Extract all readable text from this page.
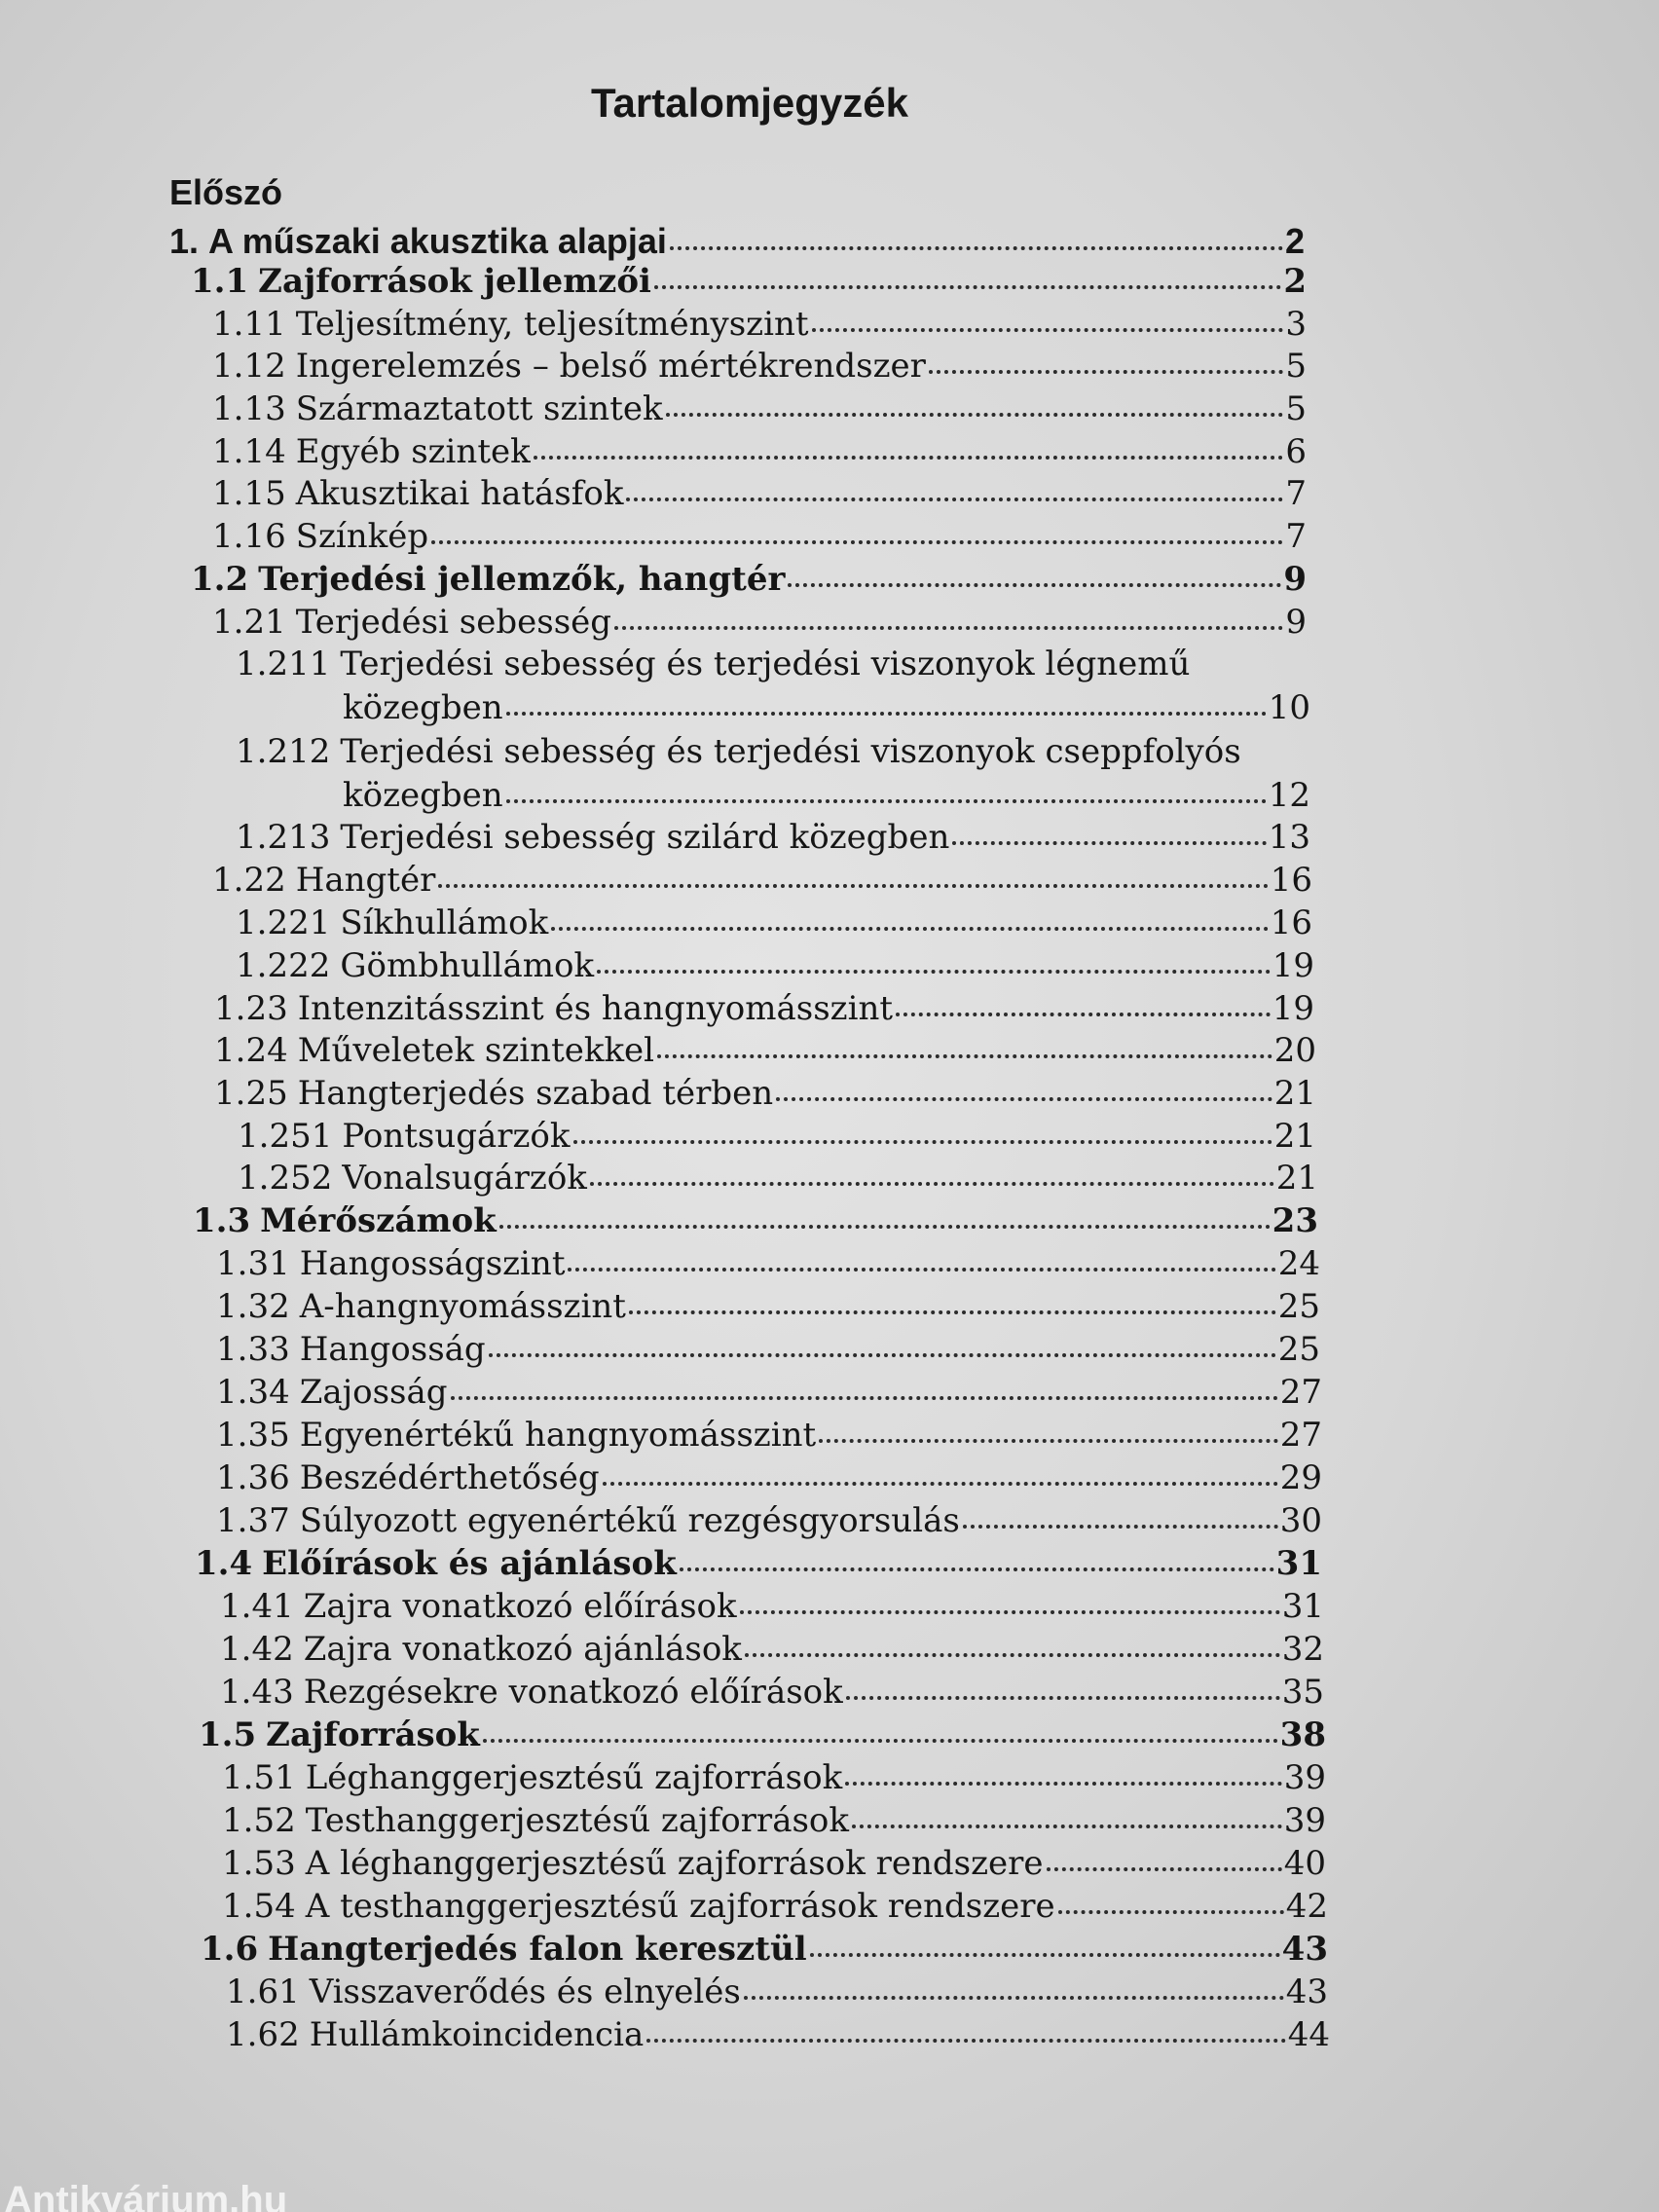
Tartalomjegyzék
Előszó
1. A műszaki akusztika alapjai	2
1.1 Zajforrások jellemzői	2
1.11 Teljesítmény, teljesítményszint	3
1.12 Ingerelemzés – belső mértékrendszer	5
1.13 Származtatott szintek	5
1.14 Egyéb szintek	6
1.15 Akusztikai hatásfok	7
1.16 Színkép	7
1.2 Terjedési jellemzők, hangtér	9
1.21 Terjedési sebesség	9
1.211 Terjedési sebesség és terjedési viszonyok légnemű
közegben	10
1.212 Terjedési sebesség és terjedési viszonyok cseppfolyós
közegben	12
1.213 Terjedési sebesség szilárd közegben	13
1.22 Hangtér	16
1.221 Síkhullámok	16
1.222 Gömbhullámok	19
1.23 Intenzitásszint és hangnyomásszint	19
1.24 Műveletek szintekkel	20
1.25 Hangterjedés szabad térben	21
1.251 Pontsugárzók	21
1.252 Vonalsugárzók	21
1.3 Mérőszámok	23
1.31 Hangosságszint	24
1.32 A-hangnyomásszint	25
1.33 Hangosság	25
1.34 Zajosság	27
1.35 Egyenértékű hangnyomásszint	27
1.36 Beszédérthetőség	29
1.37 Súlyozott egyenértékű rezgésgyorsulás	30
1.4 Előírások és ajánlások	31
1.41 Zajra vonatkozó előírások	31
1.42 Zajra vonatkozó ajánlások	32
1.43 Rezgésekre vonatkozó előírások	35
1.5 Zajforrások	38
1.51 Léghanggerjesztésű zajforrások	39
1.52 Testhanggerjesztésű zajforrások	39
1.53 A léghanggerjesztésű zajforrások rendszere	40
1.54 A testhanggerjesztésű zajforrások rendszere	42
1.6 Hangterjedés falon keresztül	43
1.61 Visszaverődés és elnyelés	43
1.62 Hullámkoincidencia	44
Antikvárium.hu
